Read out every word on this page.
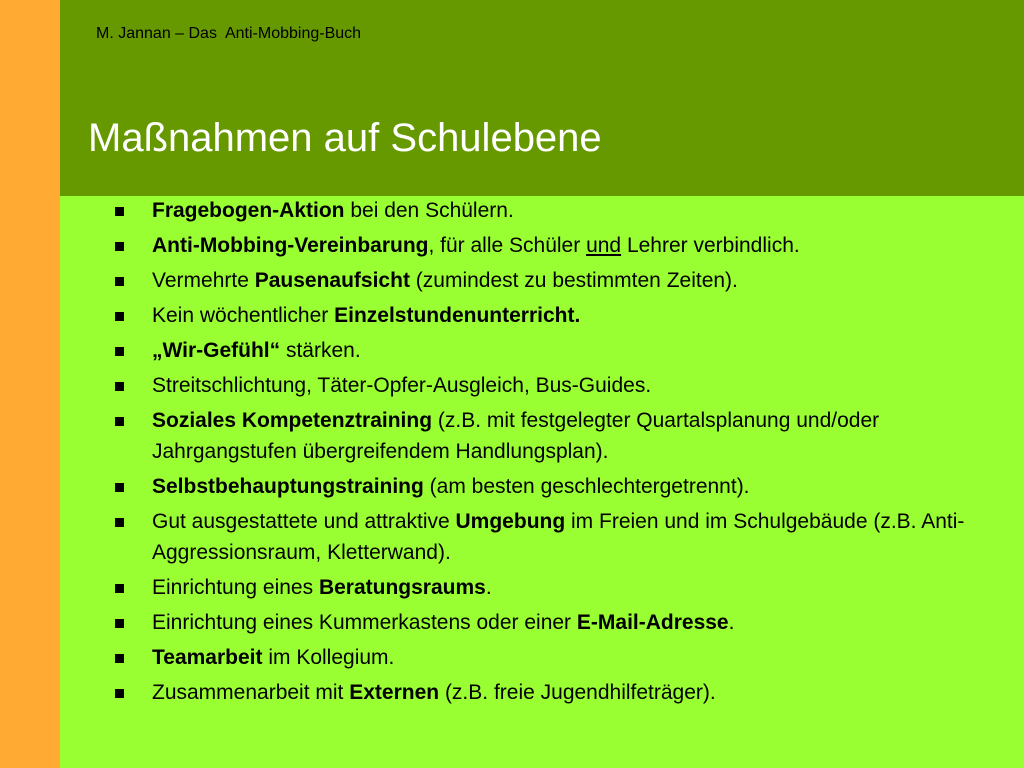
M. Jannan – Das  Anti-Mobbing-Buch
Maßnahmen auf Schulebene
Fragebogen-Aktion bei den Schülern.
Anti-Mobbing-Vereinbarung, für alle Schüler und Lehrer verbindlich.
Vermehrte Pausenaufsicht (zumindest zu bestimmten Zeiten).
Kein wöchentlicher Einzelstundenunterricht.
„Wir-Gefühl“ stärken.
Streitschlichtung, Täter-Opfer-Ausgleich, Bus-Guides.
Soziales Kompetenztraining (z.B. mit festgelegter Quartalsplanung und/oder Jahrgangstufen übergreifendem Handlungsplan).
Selbstbehauptungstraining (am besten geschlechtergetrennt).
Gut ausgestattete und attraktive Umgebung im Freien und im Schulgebäude (z.B. Anti-Aggressionsraum, Kletterwand).
Einrichtung eines Beratungsraums.
Einrichtung eines Kummerkastens oder einer E-Mail-Adresse.
Teamarbeit im Kollegium.
Zusammenarbeit mit Externen (z.B. freie Jugendhilfeträger).
